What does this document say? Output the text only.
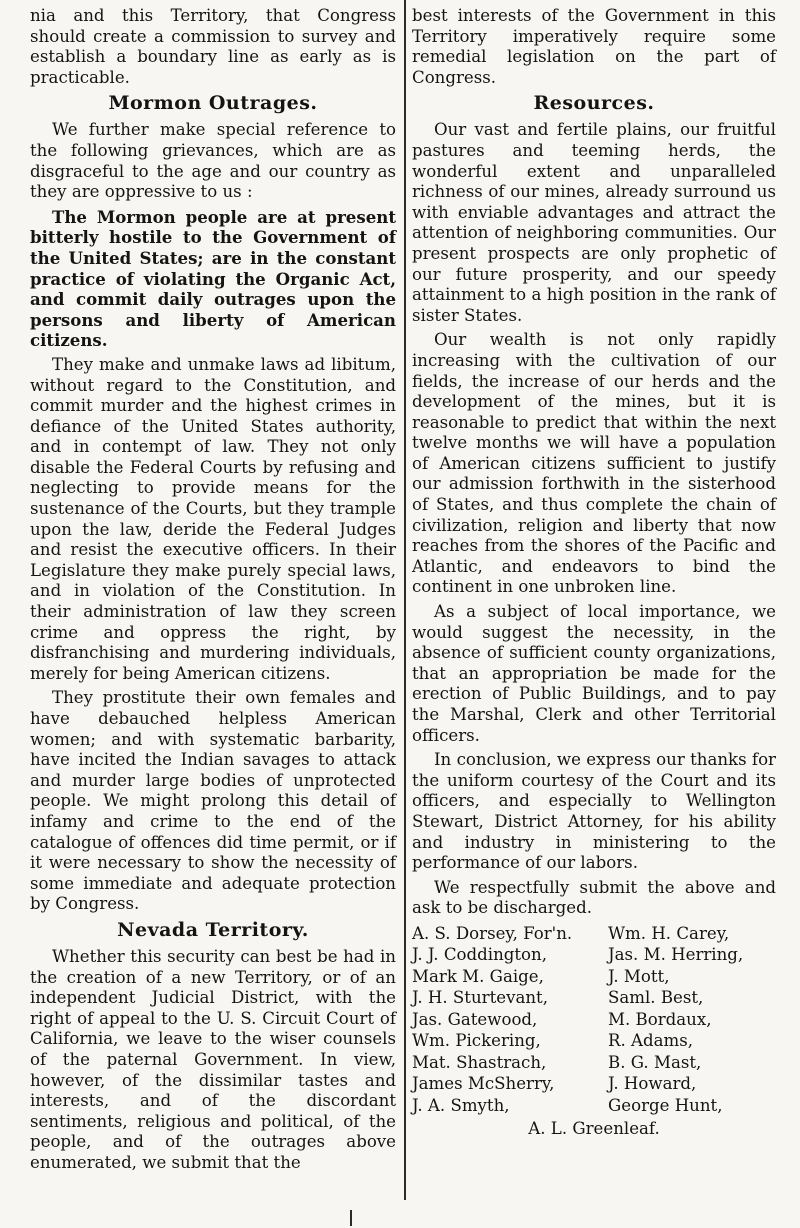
nia and this Territory, that Congress should create a commission to survey and establish a boundary line as early as is practicable.

Mormon Outrages.

We further make special reference to the following grievances, which are as disgraceful to the age and our country as they are oppressive to us :

The Mormon people are at present bitterly hostile to the Government of the United States; are in the constant practice of violating the Organic Act, and commit daily outrages upon the persons and liberty of American citizens.

They make and unmake laws ad libitum, without regard to the Constitution, and commit murder and the highest crimes in defiance of the United States authority, and in contempt of law. They not only disable the Federal Courts by refusing and neglecting to provide means for the sustenance of the Courts, but they trample upon the law, deride the Federal Judges and resist the executive officers. In their Legislature they make purely special laws, and in violation of the Constitution. In their administration of law they screen crime and oppress the right, by disfranchising and murdering individuals, merely for being American citizens.

They prostitute their own females and have debauched helpless American women; and with systematic barbarity, have incited the Indian savages to attack and murder large bodies of unprotected people. We might prolong this detail of infamy and crime to the end of the catalogue of offences did time permit, or if it were necessary to show the necessity of some immediate and adequate protection by Congress.

Nevada Territory.

Whether this security can best be had in the creation of a new Territory, or of an independent Judicial District, with the right of appeal to the U. S. Circuit Court of California, we leave to the wiser counsels of the paternal Government. In view, however, of the dissimilar tastes and interests, and of the discordant sentiments, religious and political, of the people, and of the outrages above enumerated, we submit that the

best interests of the Government in this Territory imperatively require some remedial legislation on the part of Congress.

Resources.

Our vast and fertile plains, our fruitful pastures and teeming herds, the wonderful extent and unparalleled richness of our mines, already surround us with enviable advantages and attract the attention of neighboring communities. Our present prospects are only prophetic of our future prosperity, and our speedy attainment to a high position in the rank of sister States.

Our wealth is not only rapidly increasing with the cultivation of our fields, the increase of our herds and the development of the mines, but it is reasonable to predict that within the next twelve months we will have a population of American citizens sufficient to justify our admission forthwith in the sisterhood of States, and thus complete the chain of civilization, religion and liberty that now reaches from the shores of the Pacific and Atlantic, and endeavors to bind the continent in one unbroken line.

As a subject of local importance, we would suggest the necessity, in the absence of sufficient county organizations, that an appropriation be made for the erection of Public Buildings, and to pay the Marshal, Clerk and other Territorial officers.

In conclusion, we express our thanks for the uniform courtesy of the Court and its officers, and especially to Wellington Stewart, District Attorney, for his ability and industry in ministering to the performance of our labors.

We respectfully submit the above and ask to be discharged.

A. S. Dorsey, For'n.	Wm. H. Carey,
J. J. Coddington,	Jas. M. Herring,
Mark M. Gaige,	J. Mott,
J. H. Sturtevant,	Saml. Best,
Jas. Gatewood,	M. Bordaux,
Wm. Pickering,	R. Adams,
Mat. Shastrach,	B. G. Mast,
James McSherry,	J. Howard,
J. A. Smyth,	George Hunt,
A. L. Greenleaf.
